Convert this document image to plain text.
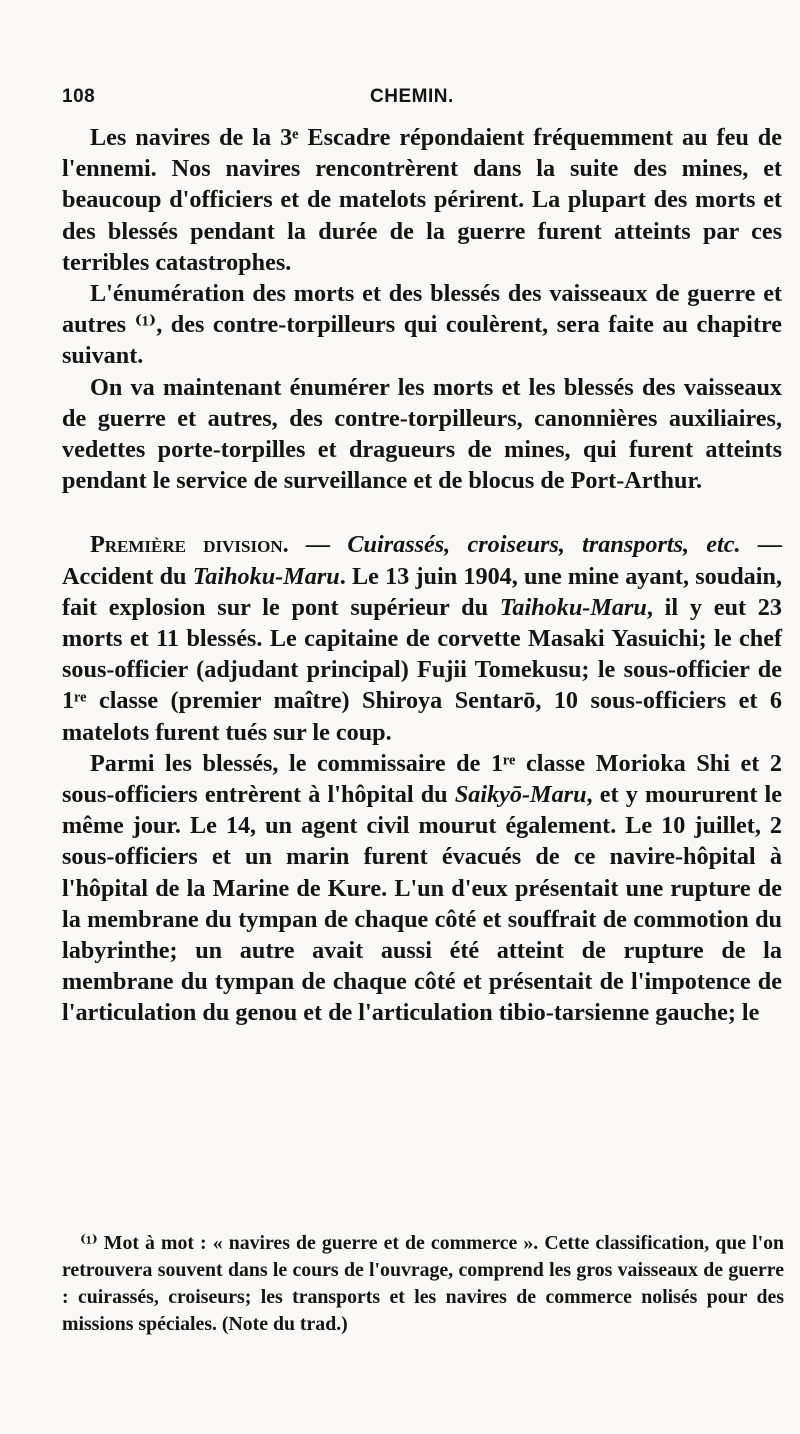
108	CHEMIN.

Les navires de la 3ᵉ Escadre répondaient fréquemment au feu de l'ennemi. Nos navires rencontrèrent dans la suite des mines, et beaucoup d'officiers et de matelots périrent. La plupart des morts et des blessés pendant la durée de la guerre furent atteints par ces terribles catastrophes.

L'énumération des morts et des blessés des vaisseaux de guerre et autres ⁽¹⁾, des contre-torpilleurs qui coulèrent, sera faite au chapitre suivant.

On va maintenant énumérer les morts et les blessés des vaisseaux de guerre et autres, des contre-torpilleurs, canonnières auxiliaires, vedettes porte-torpilles et dragueurs de mines, qui furent atteints pendant le service de surveillance et de blocus de Port-Arthur.

Première division. — Cuirassés, croiseurs, transports, etc. — Accident du Taihoku-Maru. Le 13 juin 1904, une mine ayant, soudain, fait explosion sur le pont supérieur du Taihoku-Maru, il y eut 23 morts et 11 blessés. Le capitaine de corvette Masaki Yasuichi; le chef sous-officier (adjudant principal) Fujii Tomekusu; le sous-officier de 1ʳᵉ classe (premier maître) Shiroya Sentarō, 10 sous-officiers et 6 matelots furent tués sur le coup.

Parmi les blessés, le commissaire de 1ʳᵉ classe Morioka Shi et 2 sous-officiers entrèrent à l'hôpital du Saikyō-Maru, et y moururent le même jour. Le 14, un agent civil mourut également. Le 10 juillet, 2 sous-officiers et un marin furent évacués de ce navire-hôpital à l'hôpital de la Marine de Kure. L'un d'eux présentait une rupture de la membrane du tympan de chaque côté et souffrait de commotion du labyrinthe; un autre avait aussi été atteint de rupture de la membrane du tympan de chaque côté et présentait de l'impotence de l'articulation du genou et de l'articulation tibio-tarsienne gauche; le

⁽¹⁾ Mot à mot : « navires de guerre et de commerce ». Cette classification, que l'on retrouvera souvent dans le cours de l'ouvrage, comprend les gros vaisseaux de guerre : cuirassés, croiseurs; les transports et les navires de commerce nolisés pour des missions spéciales. (Note du trad.)
